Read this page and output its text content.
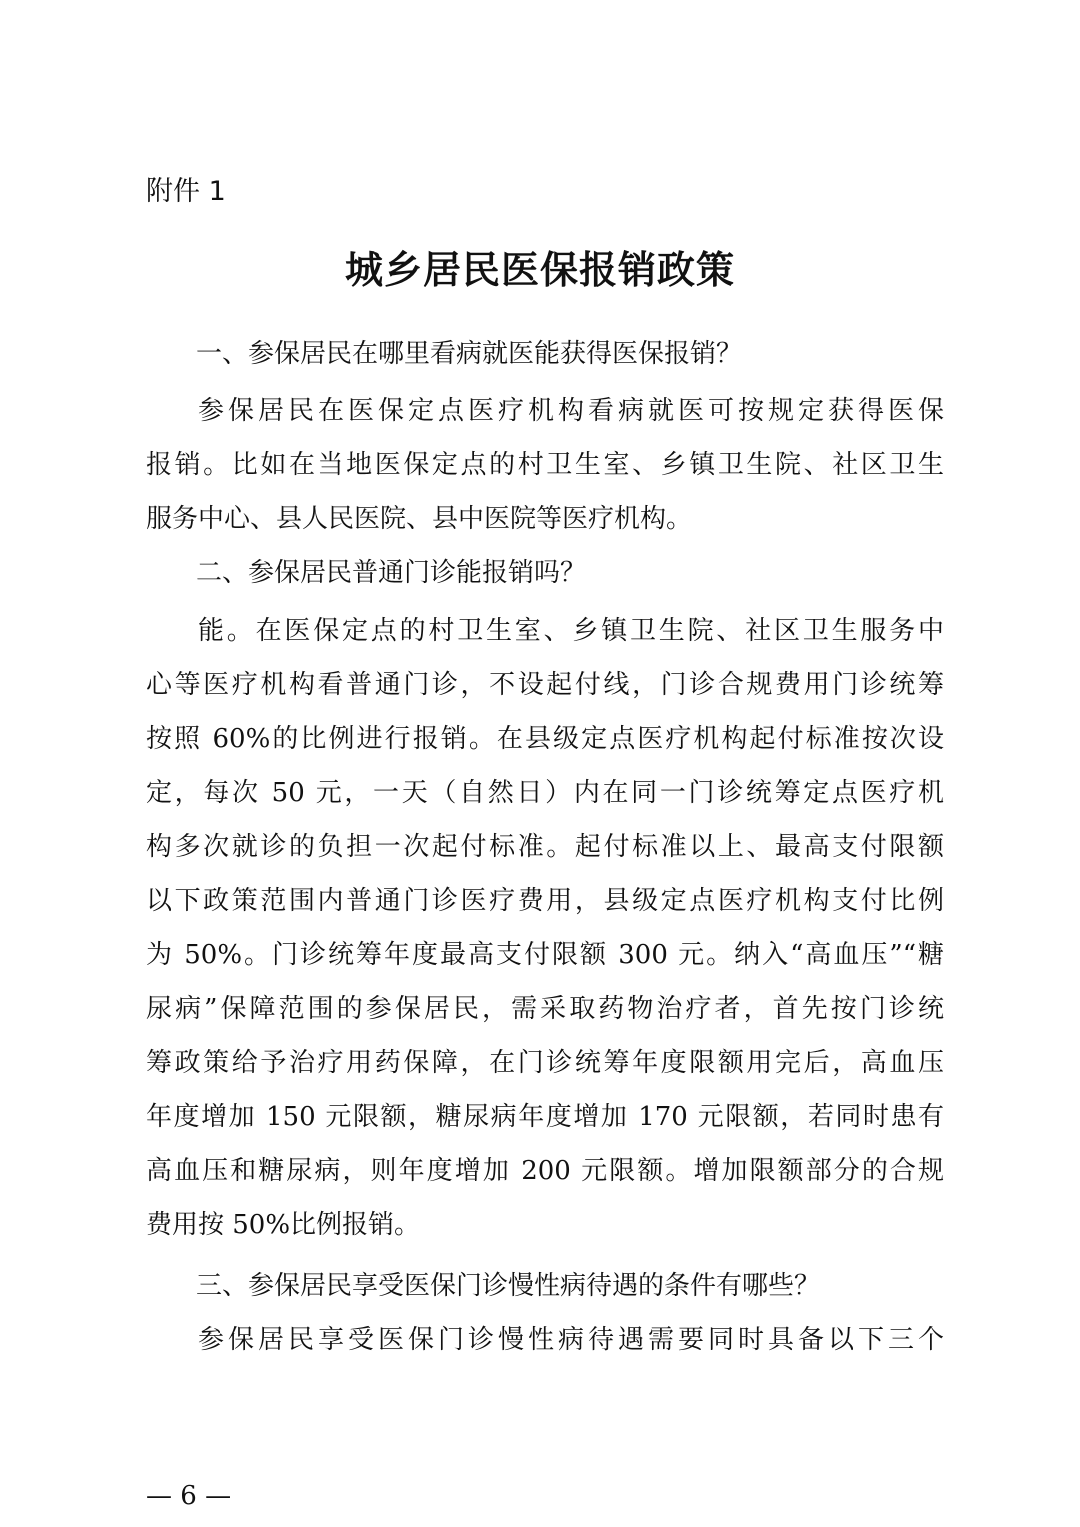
附件 1
城乡居民医保报销政策
一、参保居民在哪里看病就医能获得医保报销？
参保居民在医保定点医疗机构看病就医可按规定获得医保
报销。比如在当地医保定点的村卫生室、乡镇卫生院、社区卫生
服务中心、县人民医院、县中医院等医疗机构。
二、参保居民普通门诊能报销吗？
能。在医保定点的村卫生室、乡镇卫生院、社区卫生服务中
心等医疗机构看普通门诊，不设起付线，门诊合规费用门诊统筹
按照 60%的比例进行报销。在县级定点医疗机构起付标准按次设
定，每次 50 元，一天（自然日）内在同一门诊统筹定点医疗机
构多次就诊的负担一次起付标准。起付标准以上、最高支付限额
以下政策范围内普通门诊医疗费用，县级定点医疗机构支付比例
为 50%。门诊统筹年度最高支付限额 300 元。纳入“高血压”“糖
尿病”保障范围的参保居民，需采取药物治疗者，首先按门诊统
筹政策给予治疗用药保障，在门诊统筹年度限额用完后，高血压
年度增加 150 元限额，糖尿病年度增加 170 元限额，若同时患有
高血压和糖尿病，则年度增加 200 元限额。增加限额部分的合规
费用按 50%比例报销。
三、参保居民享受医保门诊慢性病待遇的条件有哪些？
参保居民享受医保门诊慢性病待遇需要同时具备以下三个
— 6 —
